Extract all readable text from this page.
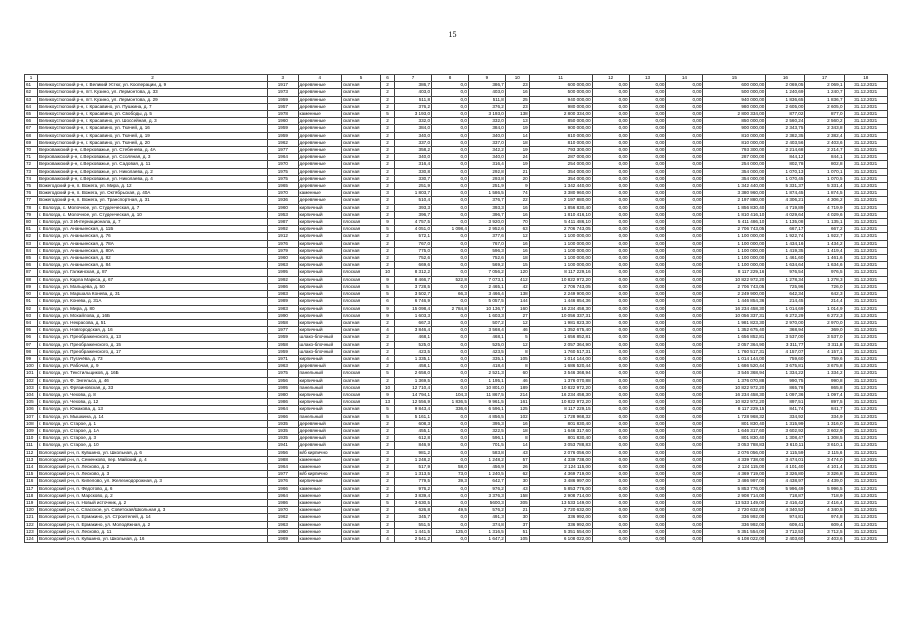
15
1	2	3	4	5	6	7	8	9	10	11	12	13	14	15	16	17	18
61	Великоустюгский р-н, г. Великий Устюг, ул. Кооперации, д. 9	1917	деревянные	скатная	2	386,7	0,0	386,7	23	600 000,00	0,00	0,00	0,00	600 000,00	2 069,05	2 069,1	31.12.2021
62	Великоустюгский р-н, пгт. Кузино, ул. Лермонтова, д. 33	1973	деревянные	скатная	2	403,0	0,0	403,0	16	500 000,00	0,00	0,00	0,00	500 000,00	1 240,69	1 240,7	31.12.2021
63	Великоустюгский р-н, пгт. Кузино, ул. Лермонтова, д. 29	1959	деревянные	скатная	2	511,8	0,0	511,8	25	940 000,00	0,00	0,00	0,00	940 000,00	1 836,65	1 836,7	31.12.2021
64	Великоустюгский р-н, г. Красавино, ул. Пушкина, д. 7	1957	деревянные	скатная	2	376,2	0,0	376,2	23	980 000,00	0,00	0,00	0,00	980 000,00	2 605,00	2 605,0	31.12.2021
65	Великоустюгский р-н, г. Красавино, ул. Свободы, д. 5	1978	каменные	скатная	5	3 193,0	0,0	3 193,0	138	2 800 334,00	0,00	0,00	0,00	2 800 334,00	877,02	877,0	31.12.2021
66	Великоустюгский р-н, г. Красавино, ул. Шоссейная, д. 3	1960	деревянные	скатная	2	332,0	0,0	332,0	13	850 000,00	0,00	0,00	0,00	850 000,00	2 560,24	2 560,2	31.12.2021
67	Великоустюгский р-н, г. Красавино, ул. Ткачей, д. 16	1959	деревянные	скатная	2	384,0	0,0	384,0	19	900 000,00	0,00	0,00	0,00	900 000,00	2 343,75	2 343,8	31.12.2021
68	Великоустюгский р-н, г. Красавино, ул. Ткачей, д. 19	1959	деревянные	скатная	2	340,0	0,0	340,0	14	810 000,00	0,00	0,00	0,00	810 000,00	2 382,35	2 382,4	31.12.2021
69	Великоустюгский р-н, г. Красавино, ул. Ткачей, д. 20	1962	деревянные	скатная	2	337,0	0,0	337,0	18	810 000,00	0,00	0,00	0,00	810 000,00	2 403,56	2 403,6	31.12.2021
70	Верховажский р-н, с.Верховажье, ул. Стебенева, д. 4А	1977	деревянные	скатная	2	358,2	0,0	342,2	19	793 300,00	0,00	0,00	0,00	793 300,00	2 214,68	2 214,7	31.12.2021
71	Верховажский р-н, с.Верховажье, ул. Ссоляная, д. 3	1964	деревянные	скатная	2	340,0	0,0	340,0	24	287 000,00	0,00	0,00	0,00	287 000,00	844,12	844,1	31.12.2021
72	Верховажский р-н, с.Верховажье, ул. Садовая, д. 11	1970	деревянные	скатная	2	316,4	0,0	316,4	19	254 000,00	0,00	0,00	0,00	254 000,00	802,78	802,8	31.12.2021
73	Верховажский р-н, с.Верховажье, ул. Николаева, д. 2	1975	деревянные	скатная	2	330,8	0,0	292,8	21	354 000,00	0,00	0,00	0,00	354 000,00	1 070,13	1 070,1	31.12.2021
74	Верховажский р-н, с.Верховажье, ул. Николаева, д. 4	1975	деревянные	скатная	2	330,7	0,0	293,8	20	354 000,00	0,00	0,00	0,00	354 000,00	1 070,45	1 070,5	31.12.2021
75	Вожегодский р-н, п. Вожега, ул. Мира, д. 12	1965	деревянные	скатная	2	251,9	0,0	251,9	9	1 342 440,00	0,00	0,00	0,00	1 342 440,00	5 331,37	5 331,4	31.12.2021
76	Вожегодский р-н, п. Вожега, ул. Октябрьская, д. 40А	1970	каменные	скатная	3	1 803,7	0,0	1 586,5	74	3 380 960,00	0,00	0,00	0,00	3 380 960,00	1 874,45	1 874,5	31.12.2021
77	Вожегодский р-н, п. Вожега, ул. Транспортная, д. 31	1936	деревянные	скатная	2	510,4	0,0	376,7	22	2 197 880,00	0,00	0,00	0,00	2 197 880,00	4 306,21	4 306,2	31.12.2021
78	г. Вологда, с. Молочное, ул. Студенческая, д. 7	1960	кирпичный	скатная	2	393,3	0,0	393,3	16	1 856 830,40	0,00	0,00	0,00	1 856 830,40	4 719,89	4 719,9	31.12.2021
79	г. Вологда, с. Молочное, ул. Студенческая, д. 10	1953	кирпичный	скатная	2	396,7	0,0	396,7	16	1 810 416,10	0,00	0,00	0,00	1 810 416,10	4 029,64	4 029,6	31.12.2021
80	г. Вологда, ул. 3 Интернационала, д. 7	1987	кирпичный	плоская	9	4 757,5	0,0	3 920,0	70	5 411 486,10	0,00	0,00	0,00	5 411 486,10	1 135,08	1 135,1	31.12.2021
81	г. Вологда, ул. Ананьинская, д. 11Б	1992	кирпичный	плоская	5	4 051,0	1 098,4	2 952,6	63	2 706 743,05	0,00	0,00	0,00	2 706 743,05	667,17	667,2	31.12.2021
82	г. Вологда, ул. Ананьинская, д. 76	1912	кирпичный	скатная	2	572,1	0,0	377,6	12	1 100 000,00	0,00	0,00	0,00	1 100 000,00	1 922,74	1 922,7	31.12.2021
83	г. Вологда, ул. Ананьинская, д. 78А	1976	кирпичный	скатная	2	767,0	0,0	767,0	16	1 100 000,00	0,00	0,00	0,00	1 100 000,00	1 434,16	1 434,2	31.12.2021
84	г. Вологда, ул. Ананьинская, д. 80А	1979	кирпичный	скатная	2	775,0	0,0	596,3	16	1 100 000,00	0,00	0,00	0,00	1 100 000,00	1 419,35	1 419,4	31.12.2021
85	г. Вологда, ул. Ананьинская, д. 82	1960	кирпичный	скатная	2	752,6	0,0	752,6	18	1 100 000,00	0,00	0,00	0,00	1 100 000,00	1 461,60	1 461,6	31.12.2021
86	г. Вологда, ул. Ананьинская, д. 84	1963	кирпичный	скатная	2	669,6	0,0	569,2	15	1 100 000,00	0,00	0,00	0,00	1 100 000,00	1 634,64	1 634,6	31.12.2021
87	г. Вологда, ул. Галкинская, д. 87	1995	кирпичный	плоская	10	8 312,2	0,0	7 056,2	120	8 117 229,16	0,00	0,00	0,00	8 117 229,16	976,54	976,5	31.12.2021
88	г. Вологда, ул. Карла Маркса, д. 67	1992	кирпичный	плоская	9	8 466,7	522,8	7 073,1	412	10 822 972,20	0,00	0,00	0,00	10 822 972,20	1 278,34	1 278,3	31.12.2021
89	г. Вологда, ул. Мальцева, д. 50	1986	кирпичный	плоская	5	3 728,5	0,0	2 465,1	42	2 706 743,05	0,00	0,00	0,00	2 706 743,05	725,96	726,0	31.12.2021
90	г. Вологда, ул. Маршала Конева, д. 31	1983	кирпичный	плоская	5	3 502,7	66,3	3 466,4	138	2 249 900,00	0,00	0,00	0,00	2 249 900,00	642,34	642,3	31.12.2021
91	г. Вологда, ул. Конева, д. 31А	1989	кирпичный	плоская	6	6 746,9	0,0	5 057,5	144	1 446 854,36	0,00	0,00	0,00	1 446 854,36	214,45	214,4	31.12.2021
92	г. Вологда, ул. Мира, д. 80	1983	кирпичный	плоская	9	15 098,4	2 784,8	10 136,7	160	16 234 458,30	0,00	0,00	0,00	16 234 458,30	1 014,69	1 014,9	31.12.2021
93	г. Вологда, ул. Мохайлова, д. 16Б	1990	кирпичный	плоская	9	1 603,3	0,0	1 603,3	27	10 056 337,31	0,00	0,00	0,00	10 056 337,31	6 272,29	6 272,3	31.12.2021
94	г. Вологда, ул. Некрасова, д. 51	1958	кирпичный	скатная	2	667,3	0,0	507,2	12	1 981 823,30	0,00	0,00	0,00	1 981 823,30	2 970,00	2 970,0	31.12.2021
95	г. Вологда, ул. Новгородская, д. 16	1977	кирпичный	скатная	4	3 846,4	0,0	3 568,4	46	1 352 675,40	0,00	0,00	0,00	1 352 675,40	368,94	369,0	31.12.2021
96	г. Вологда, ул. Преображенского, д. 13	1959	шлако-блочный	скатная	2	468,1	0,0	468,1	5	1 656 852,81	0,00	0,00	0,00	1 656 852,81	3 537,00	3 537,0	31.12.2021
97	г. Вологда, ул. Преображенского, д. 15	1958	шлако-блочный	скатная	2	525,0	0,0	525,0	12	2 057 364,90	0,00	0,00	0,00	2 057 364,90	3 311,77	3 311,8	31.12.2021
98	г. Вологда, ул. Преображенского, д. 17	1959	шлако-блочный	скатная	2	423,5	0,0	423,5	8	1 760 517,31	0,00	0,00	0,00	1 760 517,31	4 157,07	4 157,1	31.12.2021
99	г. Вологда, ул. Пугачёва, д. 73	1971	кирпичный	скатная	4	1 335,1	0,0	335,1	105	1 014 144,00	0,00	0,00	0,00	1 014 144,00	759,60	759,6	31.12.2021
100	г. Вологда, ул. Рабочая, д. 9	1963	деревянный	скатная	2	458,1	0,0	418,4	8	1 686 520,44	0,00	0,00	0,00	1 686 520,44	3 675,81	3 675,8	31.12.2021
101	г. Вологда, ул. Текстильщиков, д. 16Б	1975	панельный	плоская	5	2 658,0	0,0	2 521,3	60	3 546 368,94	0,00	0,00	0,00	3 546 368,94	1 334,22	1 334,2	31.12.2021
102	г. Вологда, ул. Ф. Энгельса, д. 46	1956	кирпичный	скатная	2	1 369,5	0,0	1 195,1	46	1 376 070,88	0,00	0,00	0,00	1 376 070,88	990,75	990,8	31.12.2021
103	г. Вологда, ул. Фрязиновская, д. 33	1995	панельный	плоская	10	12 710,4	0,0	10 801,0	189	10 822 972,20	0,00	0,00	0,00	10 822 972,20	865,78	865,8	31.12.2021
104	г. Вологда, ул. Чехова, д. 8	1980	кирпичный	плоская	9	14 794,1	104,3	11 867,5	214	16 234 458,30	0,00	0,00	0,00	16 234 458,30	1 097,36	1 097,4	31.12.2021
105	г. Вологда, ул. Чехова, д. 12	1986	кирпичный	плоская	13	12 556,9	1 836,5	9 961,5	161	10 822 972,20	0,00	0,00	0,00	10 822 972,20	897,51	897,5	31.12.2021
106	г. Вологда, ул. Южакова, д. 13	1964	кирпичный	скатная	5	9 843,4	336,6	6 596,1	125	8 117 229,15	0,00	0,00	0,00	8 117 229,15	841,74	841,7	31.12.2021
107	г. Вологда, ул. Мышкина, д. 14	1966	панельный	скатная	5	5 161,1	0,0	4 856,5	102	1 728 968,32	0,00	0,00	0,00	1 728 968,32	334,92	334,9	31.12.2021
108	г. Вологда, ул. Старое, д. 1	1935	деревянный	скатная	2	608,3	0,0	395,3	16	801 830,40	0,00	0,00	0,00	801 830,40	1 315,99	1 316,0	31.12.2021
109	г. Вологда, ул. Старое, д. 1А	1935	деревянный	скатная	2	455,1	0,0	322,5	18	1 646 317,60	0,00	0,00	0,00	1 646 317,60	3 602,92	3 602,9	31.12.2021
110	г. Вологда, ул. Старое, д. 3	1935	деревянный	скатная	2	612,8	0,0	596,1	8	801 830,40	0,00	0,00	0,00	801 830,40	1 308,47	1 308,5	31.12.2021
111	г. Вологда, ул. Старое, д. 10	1941	деревянный	скатная	2	846,9	0,0	701,5	14	3 053 788,83	0,00	0,00	0,00	3 053 788,83	3 610,11	3 610,1	31.12.2021
112	Вологодский р-н, п. Кувшино, ул. Школьная, д. 6	1956	м/б кирпично	скатная	3	981,2	0,0	583,8	43	2 076 056,00	0,00	0,00	0,00	2 076 056,00	2 115,59	2 115,6	31.12.2021
113	Вологодский р-н, п. Семенково, пер. Майский, д. 4	1988	каменные	скатная	2	1 248,2	0,0	1 248,2	57	4 339 738,00	0,00	0,00	0,00	4 339 738,00	3 474,01	3 474,0	31.12.2021
114	Вологодский р-н, п. Лесково, д. 2	1964	каменные	скатная	2	517,9	58,0	456,9	26	2 124 115,00	0,00	0,00	0,00	2 124 115,00	4 101,40	4 101,4	31.12.2021
115	Вологодский р-н, п. Лесково, д. 3	1977	м/б кирпично	скатная	3	1 313,5	73,0	1 240,5	62	4 369 719,00	0,00	0,00	0,00	4 369 719,00	3 326,80	3 326,8	31.12.2021
116	Вологодский р-н, п. Кипелово, ул. Железнодорожная, д. 3	1976	кирпичные	скатная	2	779,5	39,3	642,7	30	3 486 997,00	0,00	0,00	0,00	3 486 997,00	4 438,97	4 439,0	31.12.2021
117	Вологодский р-н, п. Федотово, д. 6	1966	каменные	скатная	2	976,2	0,0	976,2	43	5 853 776,00	0,00	0,00	0,00	5 853 776,00	5 996,49	5 996,5	31.12.2021
118	Вологодский р-н, п. Марсково, д. 2	1964	каменные	скатная	2	3 839,4	0,0	3 376,3	158	2 908 714,00	0,00	0,00	0,00	2 908 714,00	718,87	718,9	31.12.2021
119	Вологодский р-н, п. Новый источник, д. 2	1986	каменные	скатная	5	3 630,5	0,0	5600,3	305	13 533 149,00	0,00	0,00	0,00	13 533 149,00	2 416,42	2 416,4	31.12.2021
120	Вологодский р-н, с. Спасское, ул. Советская/Школьная д. 3	1970	каменные	скатная	2	626,8	49,5	576,2	21	2 720 632,00	0,00	0,00	0,00	2 720 632,00	4 340,52	4 340,5	31.12.2021
121	Вологодский р-н, п. Ермакино, ул. Строителей, д. 14	1962	каменные	скатная	2	345,7	0,0	491,3	30	336 992,00	0,00	0,00	0,00	336 992,00	974,81	974,8	31.12.2021
122	Вологодский р-н, п. Ермакино, ул. Молодёжная, д. 2	1963	каменные	скатная	2	551,5	0,0	374,8	37	336 992,00	0,00	0,00	0,00	336 992,00	609,41	609,4	31.12.2021
123	Вологодский р-н, п. Лесково, д. 11	1980	каменные	скатная	3	1 441,5	125,0	1 316,5	51	5 351 554,00	0,00	0,00	0,00	5 351 554,00	3 712,53	3 712,5	31.12.2021
124	Вологодский р-н, п. Кувшино, ул. Школьная, д. 16	1969	каменные	скатная	4	2 541,2	0,0	1 647,2	105	6 108 022,00	0,00	0,00	0,00	6 108 022,00	2 403,60	2 403,6	31.12.2021
